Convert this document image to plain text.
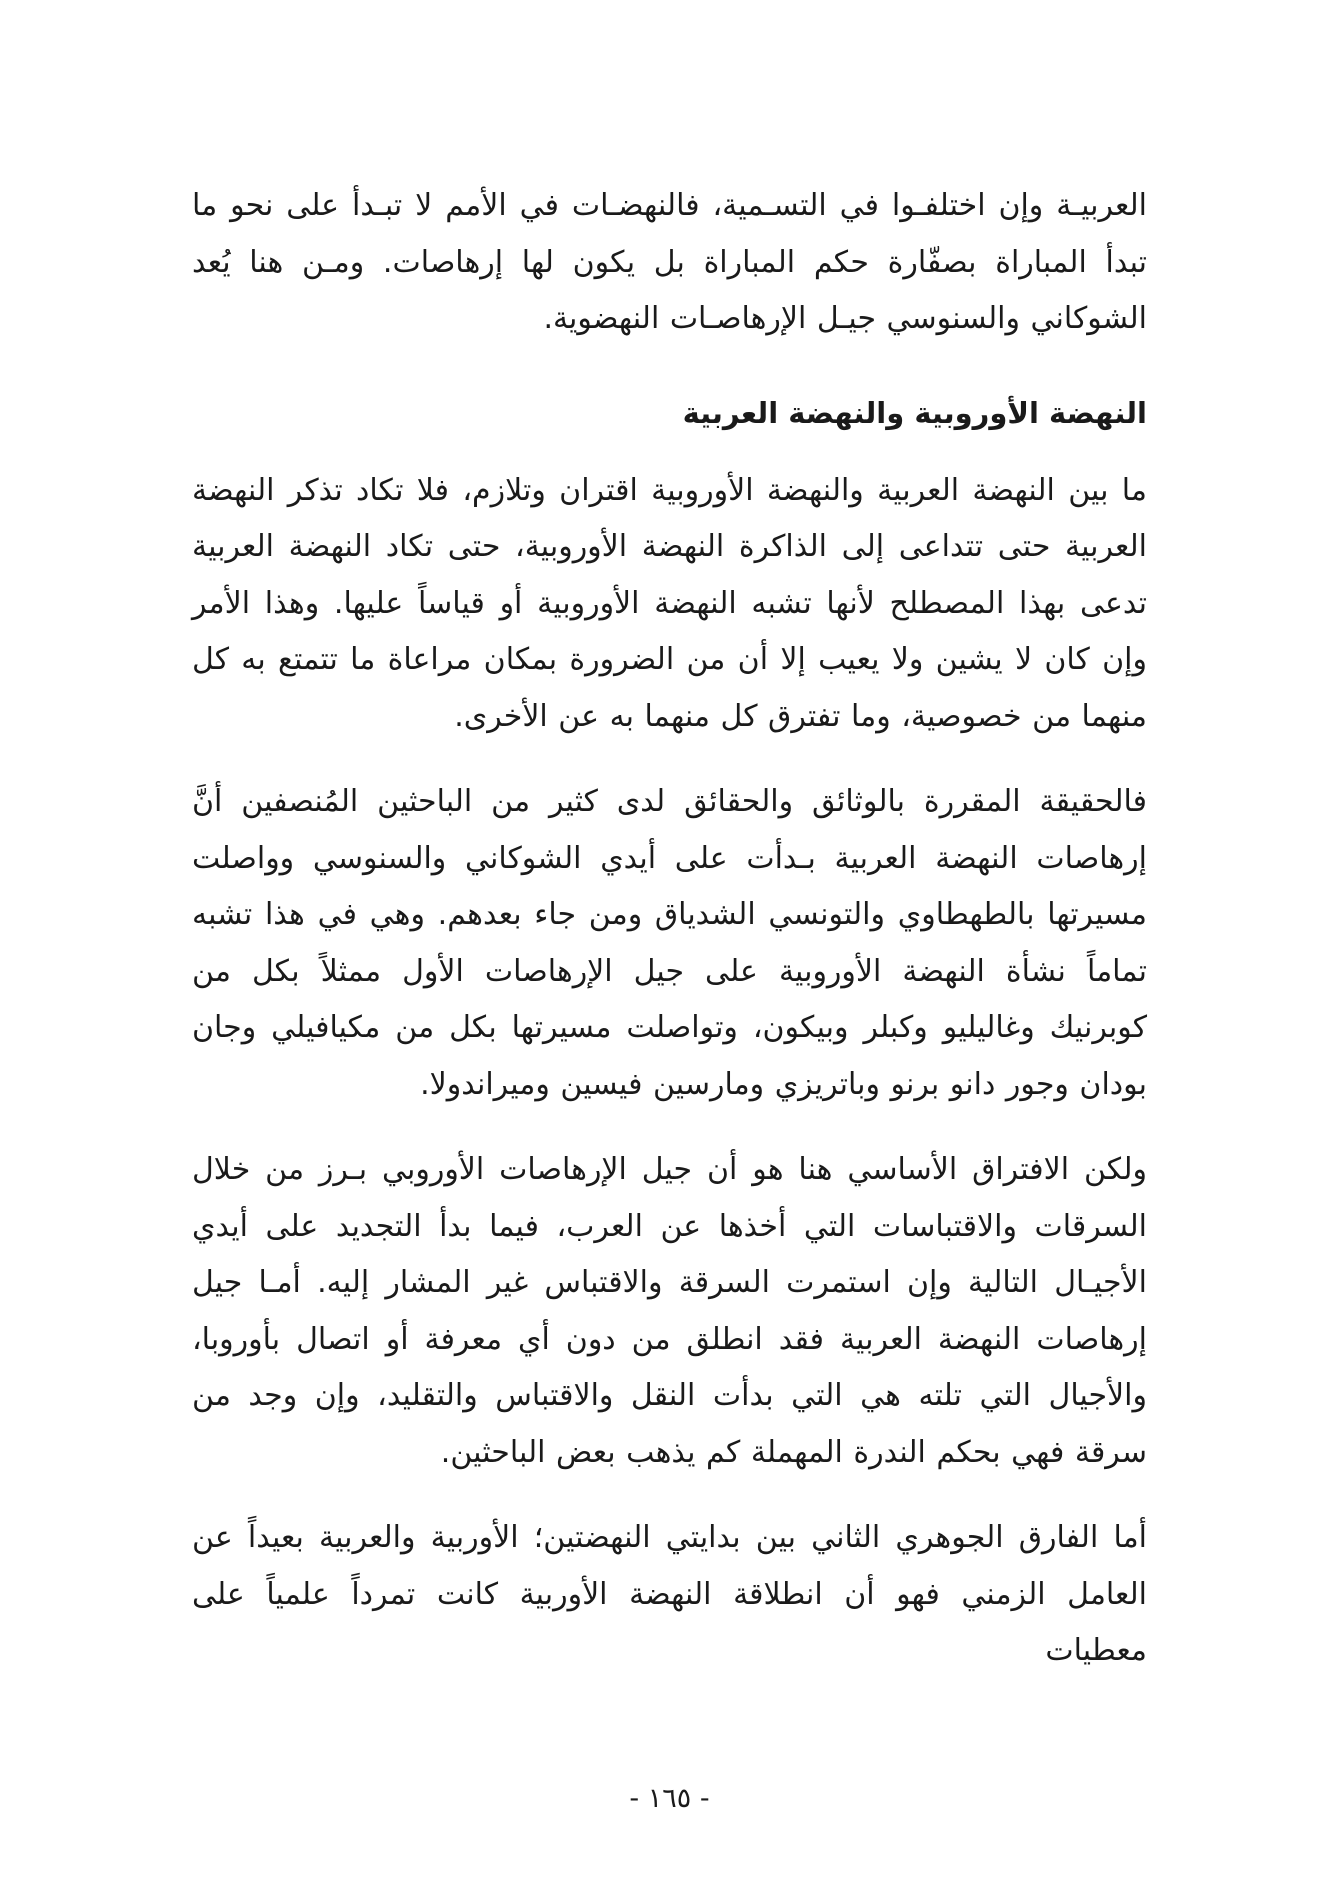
العربيـة وإن اختلفـوا في التسـمية، فالنهضـات في الأمم لا تبـدأ على نحو ما تبدأ المباراة بصفّارة حكم المباراة بل يكون لها إرهاصات. ومـن هنا يُعد الشوكاني والسنوسي جيـل الإرهاصـات النهضوية.

النهضة الأوروبية والنهضة العربية

ما بين النهضة العربية والنهضة الأوروبية اقتران وتلازم، فلا تكاد تذكر النهضة العربية حتى تتداعى إلى الذاكرة النهضة الأوروبية، حتى تكاد النهضة العربية تدعى بهذا المصطلح لأنها تشبه النهضة الأوروبية أو قياساً عليها. وهذا الأمر وإن كان لا يشين ولا يعيب إلا أن من الضرورة بمكان مراعاة ما تتمتع به كل منهما من خصوصية، وما تفترق كل منهما به عن الأخرى.

فالحقيقة المقررة بالوثائق والحقائق لدى كثير من الباحثين المُنصفين أنَّ إرهاصات النهضة العربية بـدأت على أيدي الشوكاني والسنوسي وواصلت مسيرتها بالطهطاوي والتونسي الشدياق ومن جاء بعدهم. وهي في هذا تشبه تماماً نشأة النهضة الأوروبية على جيل الإرهاصات الأول ممثلاً بكل من كوبرنيك وغاليليو وكبلر وبيكون، وتواصلت مسيرتها بكل من مكيافيلي وجان بودان وجور دانو برنو وباتريزي ومارسين فيسين وميراندولا.

ولكن الافتراق الأساسي هنا هو أن جيل الإرهاصات الأوروبي بـرز من خلال السرقات والاقتباسات التي أخذها عن العرب، فيما بدأ التجديد على أيدي الأجيـال التالية وإن استمرت السرقة والاقتباس غير المشار إليه. أمـا جيل إرهاصات النهضة العربية فقد انطلق من دون أي معرفة أو اتصال بأوروبا، والأجيال التي تلته هي التي بدأت النقل والاقتباس والتقليد، وإن وجد من سرقة فهي بحكم الندرة المهملة كم يذهب بعض الباحثين.

أما الفارق الجوهري الثاني بين بدايتي النهضتين؛ الأوربية والعربية بعيداً عن العامل الزمني فهو أن انطلاقة النهضة الأوربية كانت تمرداً علمياً على معطيات

- ١٦٥ -
